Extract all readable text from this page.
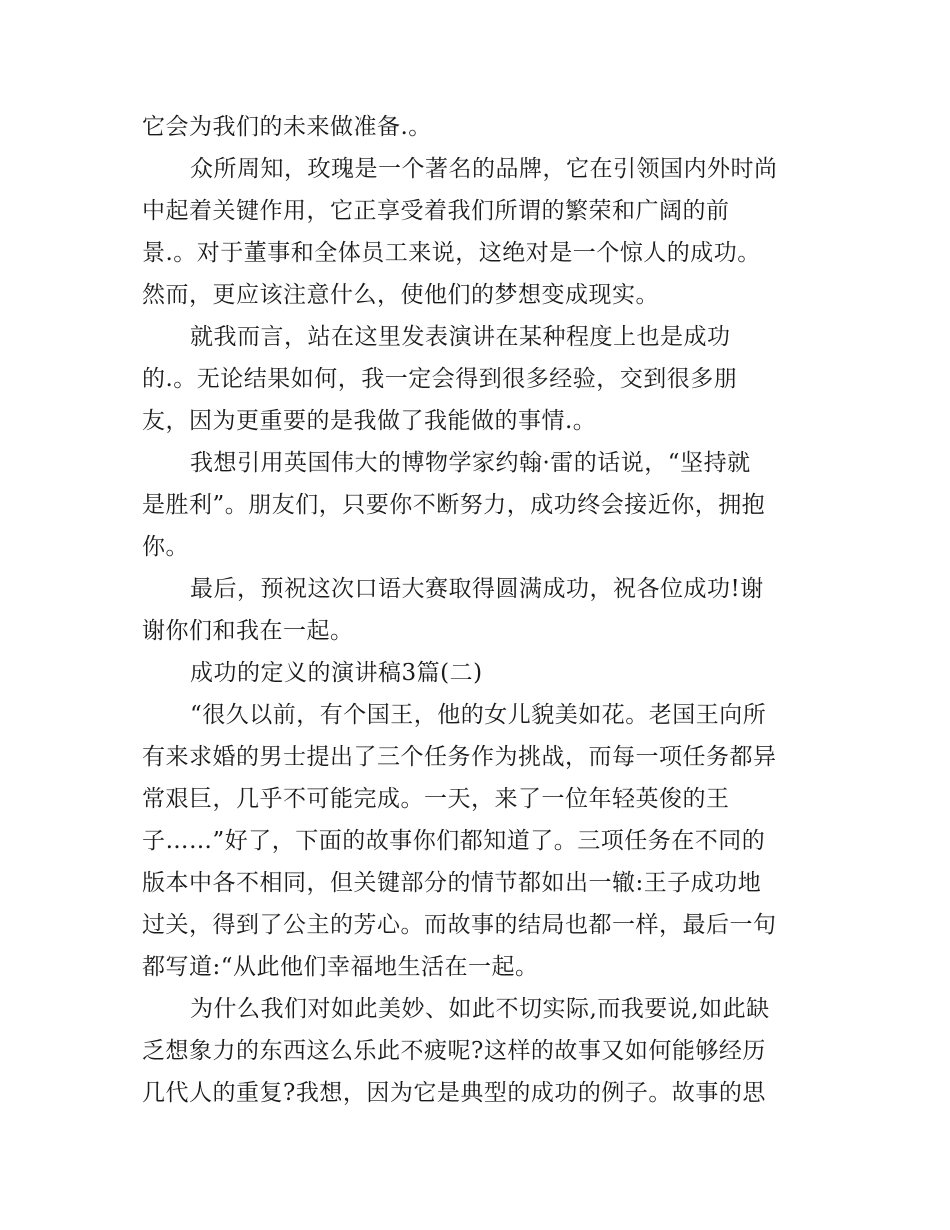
它会为我们的未来做准备.。
众所周知，玫瑰是一个著名的品牌，它在引领国内外时尚
中起着关键作用，它正享受着我们所谓的繁荣和广阔的前
景.。对于董事和全体员工来说，这绝对是一个惊人的成功。
然而，更应该注意什么，使他们的梦想变成现实。
就我而言，站在这里发表演讲在某种程度上也是成功
的.。无论结果如何，我一定会得到很多经验，交到很多朋
友，因为更重要的是我做了我能做的事情.。
我想引用英国伟大的博物学家约翰·雷的话说，“坚持就
是胜利”。朋友们，只要你不断努力，成功终会接近你，拥抱
你。
最后，预祝这次口语大赛取得圆满成功，祝各位成功!谢
谢你们和我在一起。
成功的定义的演讲稿3篇(二)
“很久以前，有个国王，他的女儿貌美如花。老国王向所
有来求婚的男士提出了三个任务作为挑战，而每一项任务都异
常艰巨，几乎不可能完成。一天，来了一位年轻英俊的王
子……”好了，下面的故事你们都知道了。三项任务在不同的
版本中各不相同，但关键部分的情节都如出一辙:王子成功地
过关，得到了公主的芳心。而故事的结局也都一样，最后一句
都写道:“从此他们幸福地生活在一起。
为什么我们对如此美妙、如此不切实际,而我要说,如此缺
乏想象力的东西这么乐此不疲呢?这样的故事又如何能够经历
几代人的重复?我想，因为它是典型的成功的例子。故事的思
